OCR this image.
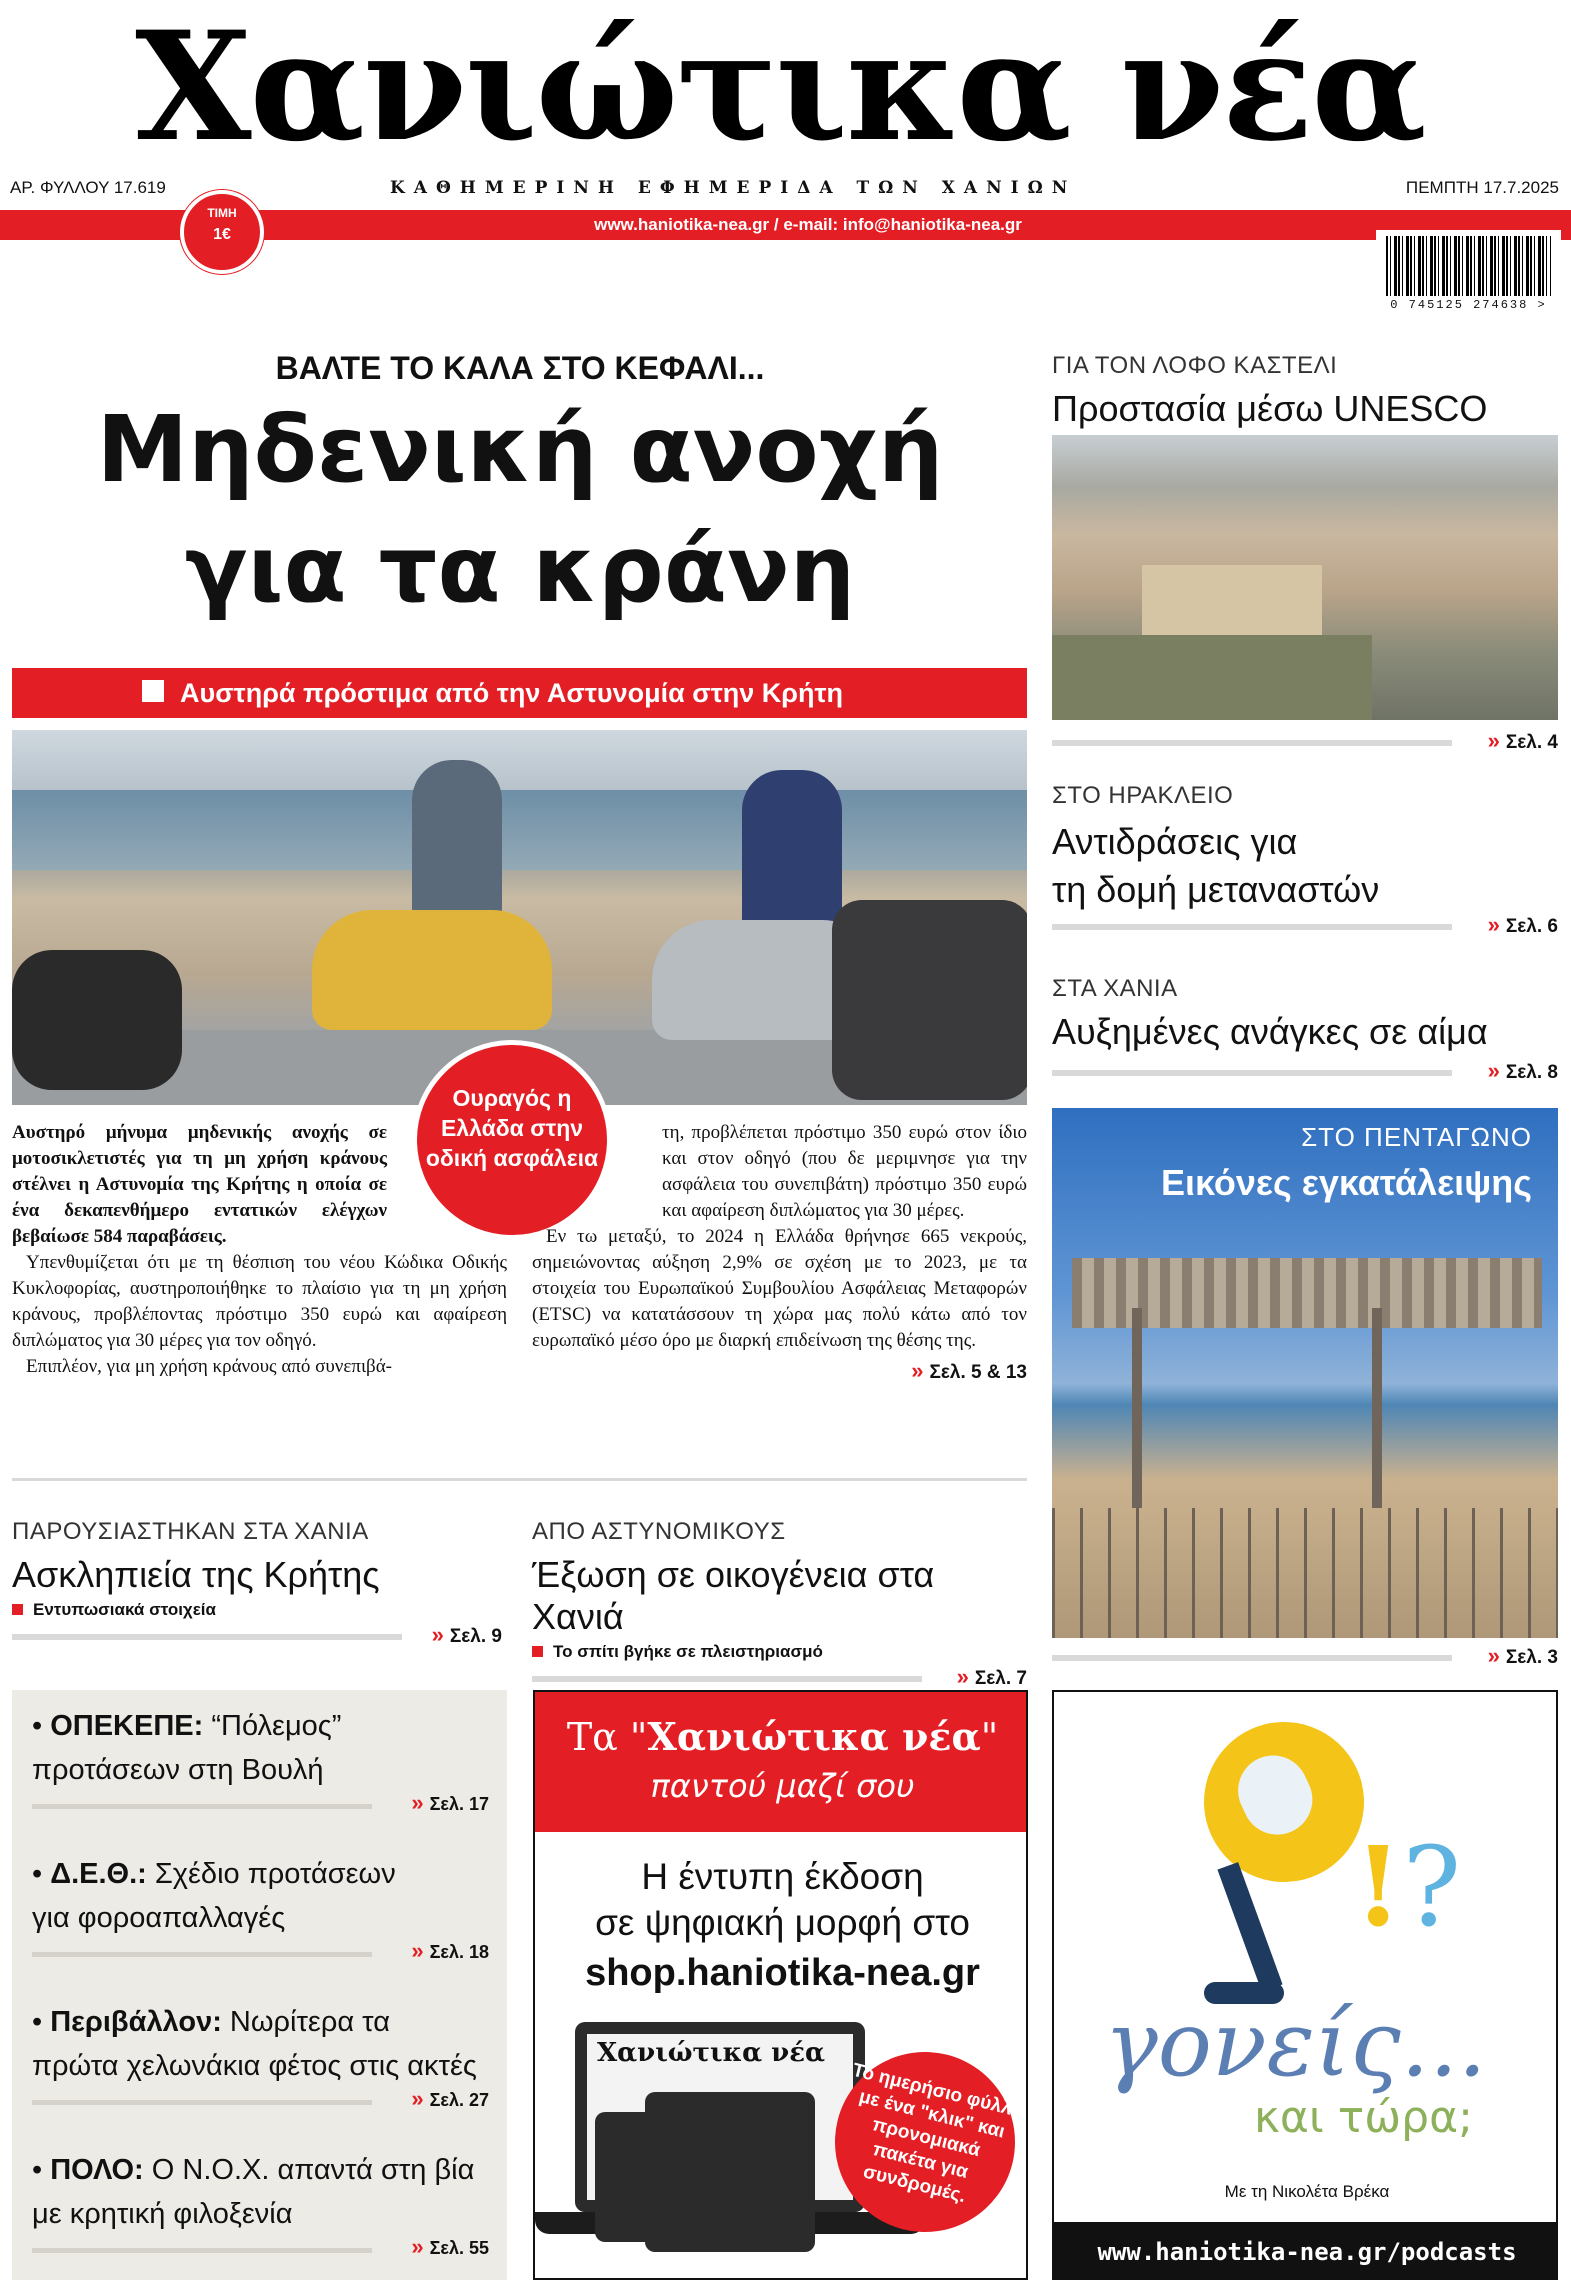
Χανιώτικα νέα
ΑΡ. ΦΥΛΛΟΥ 17.619	ΚΑΘΗΜΕΡΙΝΗ ΕΦΗΜΕΡΙΔΑ ΤΩΝ ΧΑΝΙΩΝ	ΠΕΜΠΤΗ 17.7.2025
www.haniotika-nea.gr / e-mail: info@haniotika-nea.gr
ΤΙΜΗ
1€
0 745125 274638 >
ΒΑΛΤΕ ΤΟ ΚΑΛΑ ΣΤΟ ΚΕΦΑΛΙ...
Μηδενική ανοχή
για τα κράνη
Αυστηρά πρόστιμα από την Αστυνομία στην Κρήτη
Ουραγός η Ελλάδα στην οδική ασφάλεια

Αυστηρό μήνυμα μηδενικής ανοχής σε μοτοσικλετιστές για τη μη χρήση κράνους στέλνει η Αστυνομία της Κρήτης η οποία σε ένα δεκαπενθήμερο εντατικών ελέγχων βεβαίωσε 584 παραβάσεις.

Υπενθυμίζεται ότι με τη θέσπιση του νέου Κώδικα Οδικής Κυκλοφορίας, αυστηροποιήθηκε το πλαίσιο για τη μη χρήση κράνους, προβλέποντας πρόστιμο 350 ευρώ και αφαίρεση διπλώματος για 30 μέρες για τον οδηγό.

Επιπλέον, για μη χρήση κράνους από συνεπιβά-

τη, προβλέπεται πρόστιμο 350 ευρώ στον ίδιο και στον οδηγό (που δε μεριμνησε για την ασφάλεια του συνεπιβάτη) πρόστιμο 350 ευρώ και αφαίρεση διπλώματος για 30 μέρες.

Εν τω μεταξύ, το 2024 η Ελλάδα θρήνησε 665 νεκρούς, σημειώνοντας αύξηση 2,9% σε σχέση με το 2023, με τα στοιχεία του Ευρωπαϊκού Συμβουλίου Ασφάλειας Μεταφορών (ETSC) να κατατάσσουν τη χώρα μας πολύ κάτω από τον ευρωπαϊκό μέσο όρο με διαρκή επιδείνωση της θέσης της.

» Σελ. 5 & 13
ΠΑΡΟΥΣΙΑΣΤΗΚΑΝ ΣΤΑ ΧΑΝΙΑ
Ασκληπιεία της Κρήτης
Εντυπωσιακά στοιχεία
» Σελ. 9
ΑΠΟ ΑΣΤΥΝΟΜΙΚΟΥΣ
Έξωση σε οικογένεια στα Χανιά
Το σπίτι βγήκε σε πλειστηριασμό
» Σελ. 7
ΓΙΑ ΤΟΝ ΛΟΦΟ ΚΑΣΤΕΛΙ
Προστασία μέσω UNESCO
» Σελ. 4
ΣΤΟ ΗΡΑΚΛΕΙΟ
Αντιδράσεις για
τη δομή μεταναστών
» Σελ. 6
ΣΤΑ ΧΑΝΙΑ
Αυξημένες ανάγκες σε αίμα
» Σελ. 8
ΣΤΟ ΠΕΝΤΑΓΩΝΟ
Εικόνες εγκατάλειψης
» Σελ. 3
• ΟΠΕΚΕΠΕ: “Πόλεμος”
προτάσεων στη Βουλή
» Σελ. 17
• Δ.Ε.Θ.: Σχέδιο προτάσεων
για φοροαπαλλαγές
» Σελ. 18
• Περιβάλλον: Νωρίτερα τα
πρώτα χελωνάκια φέτος στις ακτές
» Σελ. 27
• ΠΟΛΟ: Ο Ν.Ο.Χ. απαντά στη βία
με κρητική φιλοξενία
» Σελ. 55
Τα "Χανιώτικα νέα"
παντού μαζί σου
Η έντυπη έκδοση
σε ψηφιακή μορφή στο
shop.haniotika-nea.gr
Χανιώτικα νέα
Το ημερήσιο φύλλο με ένα "κλικ" και προνομιακά πακέτα για συνδρομές.
!?
γονείς...
και τώρα;
Με τη Νικολέτα Βρέκα
www.haniotika-nea.gr/podcasts
